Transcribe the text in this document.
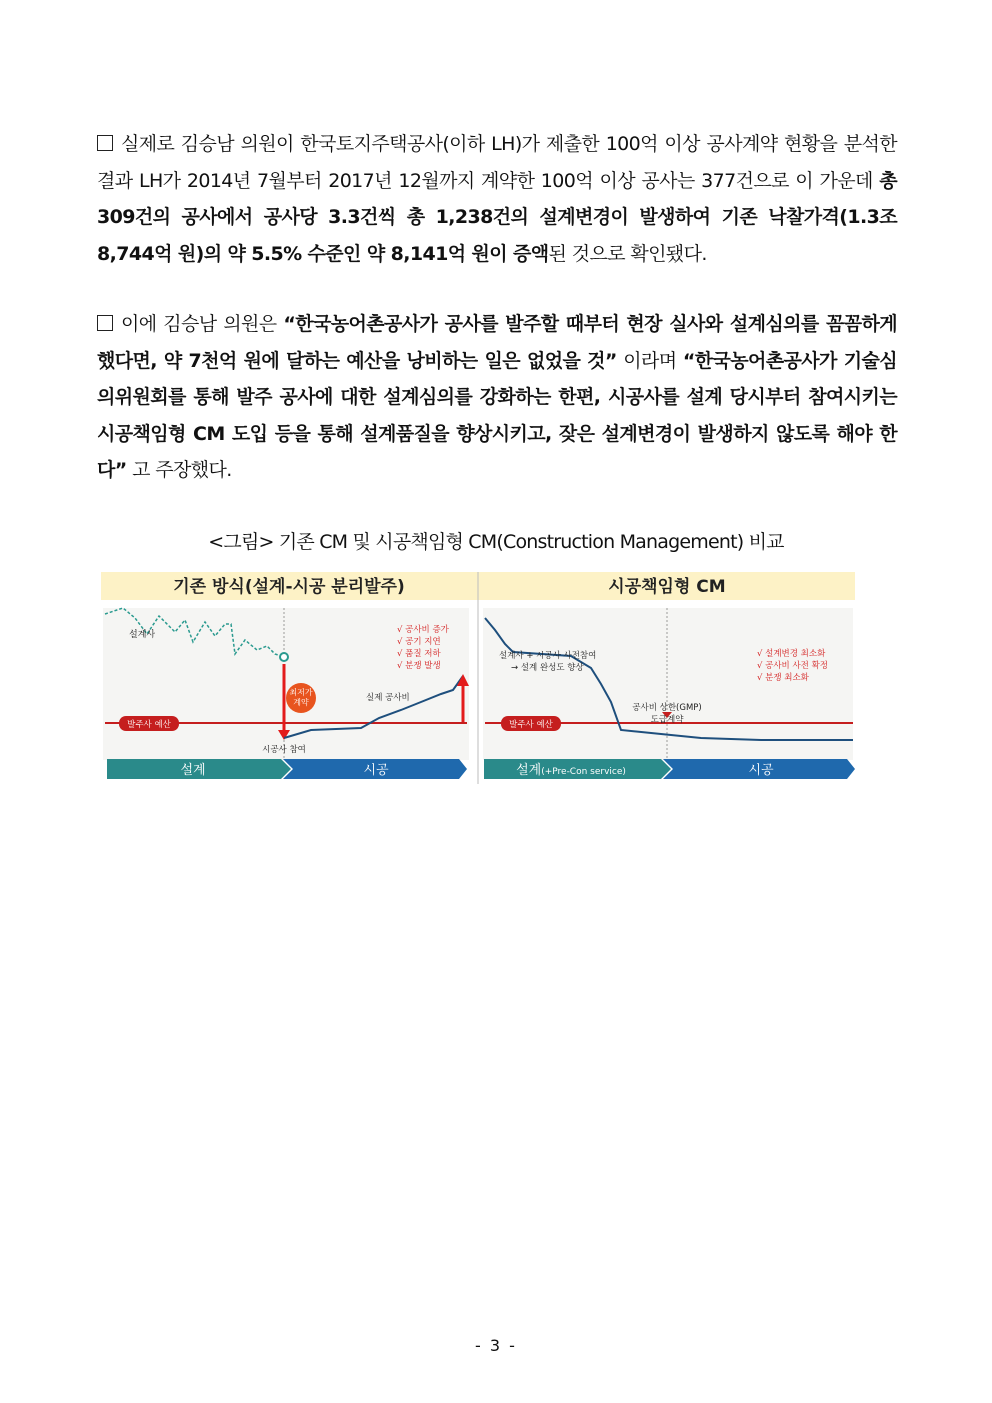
실제로 김승남 의원이 한국토지주택공사(이하 LH)가 제출한 100억 이상 공사계약 현황을 분석한 결과 LH가 2014년 7월부터 2017년 12월까지 계약한 100억 이상 공사는 377건으로 이 가운데 총 309건의 공사에서 공사당 3.3건씩 총 1,238건의 설계변경이 발생하여 기존 낙찰가격(1.3조 8,744억 원)의 약 5.5% 수준인 약 8,141억 원이 증액된 것으로 확인됐다.
이에 김승남 의원은 “한국농어촌공사가 공사를 발주할 때부터 현장 실사와 설계심의를 꼼꼼하게 했다면, 약 7천억 원에 달하는 예산을 낭비하는 일은 없었을 것” 이라며 “한국농어촌공사가 기술심의위원회를 통해 발주 공사에 대한 설계심의를 강화하는 한편, 시공사를 설계 당시부터 참여시키는 시공책임형 CM 도입 등을 통해 설계품질을 향상시키고, 잦은 설계변경이 발생하지 않도록 해야 한다” 고 주장했다.
<그림> 기존 CM 및 시공책임형 CM(Construction Management) 비교
기존 방식(설계-시공 분리발주)	시공책임형 CM
설계사
최저가
계약	실제 공사비
√ 공사비 증가
√ 공기 지연
√ 품질 저하
√ 분쟁 발생
발주사 예산
시공사 참여
설계	시공
설계사 + 시공사 사전참여
→ 설계 완성도 향상
√ 설계변경 최소화
√ 공사비 사전 확정
√ 분쟁 최소화
공사비 상한(GMP)
도급계약
발주사 예산
설계(+Pre-Con service)	시공
- 3 -
